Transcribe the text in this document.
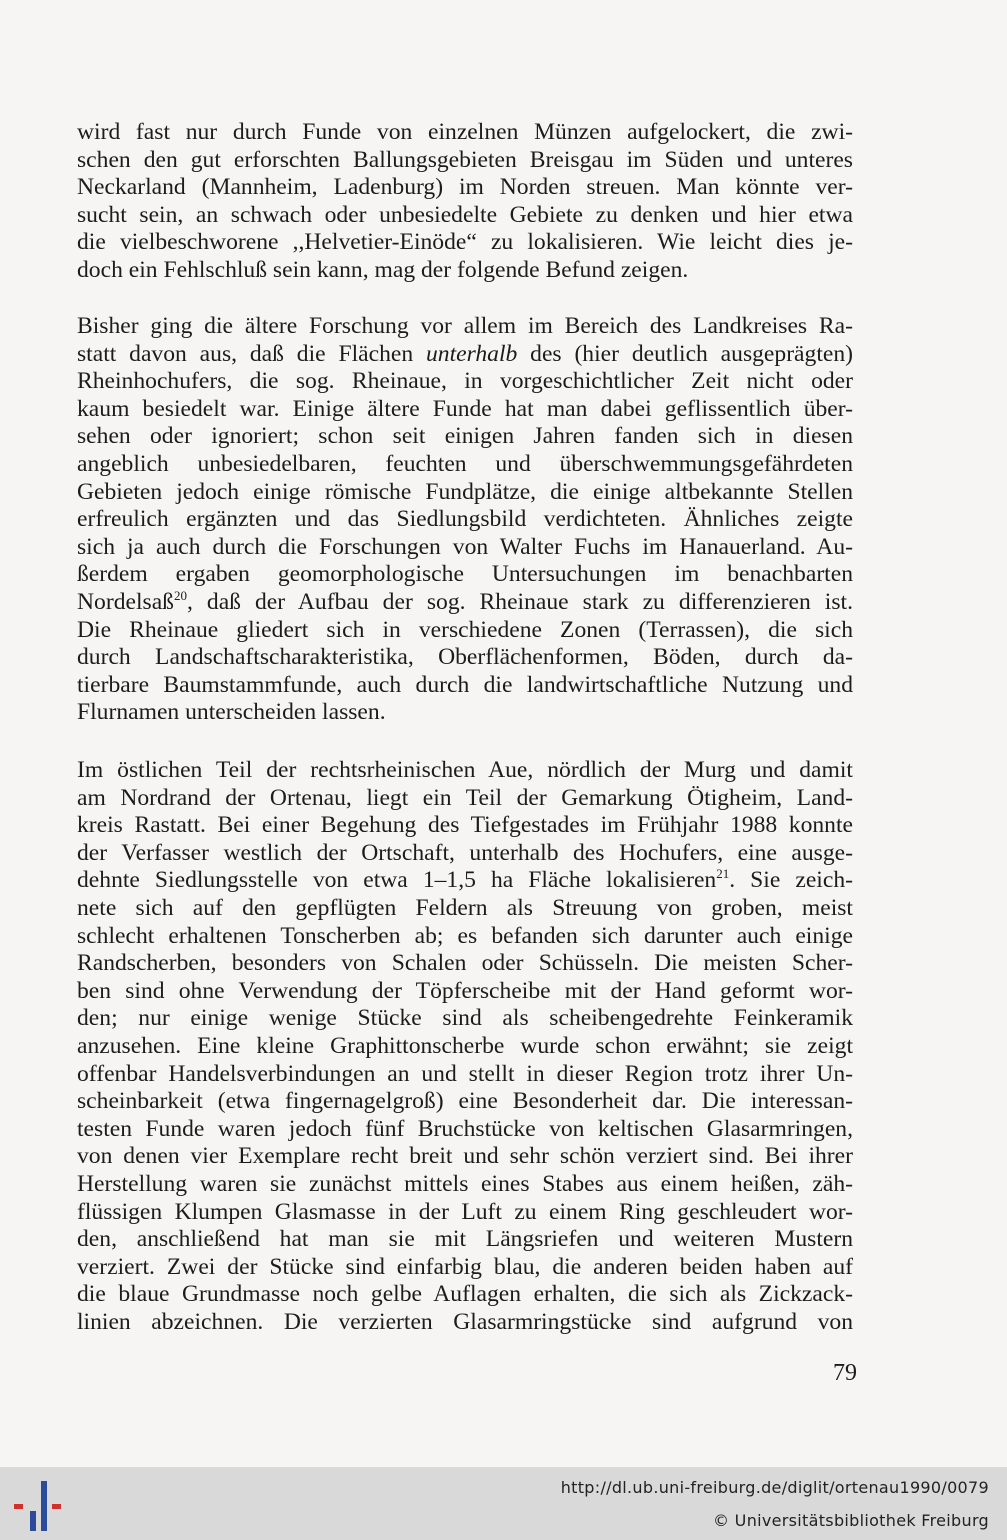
wird fast nur durch Funde von einzelnen Münzen aufgelockert, die zwi-
schen den gut erforschten Ballungsgebieten Breisgau im Süden und unteres
Neckarland (Mannheim, Ladenburg) im Norden streuen. Man könnte ver-
sucht sein, an schwach oder unbesiedelte Gebiete zu denken und hier etwa
die vielbeschworene ,,Helvetier-Einöde“ zu lokalisieren. Wie leicht dies je-
doch ein Fehlschluß sein kann, mag der folgende Befund zeigen.
Bisher ging die ältere Forschung vor allem im Bereich des Landkreises Ra-
statt davon aus, daß die Flächen unterhalb des (hier deutlich ausgeprägten)
Rheinhochufers, die sog. Rheinaue, in vorgeschichtlicher Zeit nicht oder
kaum besiedelt war. Einige ältere Funde hat man dabei geflissentlich über-
sehen oder ignoriert; schon seit einigen Jahren fanden sich in diesen
angeblich unbesiedelbaren, feuchten und überschwemmungsgefährdeten
Gebieten jedoch einige römische Fundplätze, die einige altbekannte Stellen
erfreulich ergänzten und das Siedlungsbild verdichteten. Ähnliches zeigte
sich ja auch durch die Forschungen von Walter Fuchs im Hanauerland. Au-
ßerdem ergaben geomorphologische Untersuchungen im benachbarten
Nordelsaß$^{20}$, daß der Aufbau der sog. Rheinaue stark zu differenzieren ist.
Die Rheinaue gliedert sich in verschiedene Zonen (Terrassen), die sich
durch Landschaftscharakteristika, Oberflächenformen, Böden, durch da-
tierbare Baumstammfunde, auch durch die landwirtschaftliche Nutzung und
Flurnamen unterscheiden lassen.
Im östlichen Teil der rechtsrheinischen Aue, nördlich der Murg und damit
am Nordrand der Ortenau, liegt ein Teil der Gemarkung Ötigheim, Land-
kreis Rastatt. Bei einer Begehung des Tiefgestades im Frühjahr 1988 konnte
der Verfasser westlich der Ortschaft, unterhalb des Hochufers, eine ausge-
dehnte Siedlungsstelle von etwa 1–1,5 ha Fläche lokalisieren$^{21}$. Sie zeich-
nete sich auf den gepflügten Feldern als Streuung von groben, meist
schlecht erhaltenen Tonscherben ab; es befanden sich darunter auch einige
Randscherben, besonders von Schalen oder Schüsseln. Die meisten Scher-
ben sind ohne Verwendung der Töpferscheibe mit der Hand geformt wor-
den; nur einige wenige Stücke sind als scheibengedrehte Feinkeramik
anzusehen. Eine kleine Graphittonscherbe wurde schon erwähnt; sie zeigt
offenbar Handelsverbindungen an und stellt in dieser Region trotz ihrer Un-
scheinbarkeit (etwa fingernagelgroß) eine Besonderheit dar. Die interessan-
testen Funde waren jedoch fünf Bruchstücke von keltischen Glasarmringen,
von denen vier Exemplare recht breit und sehr schön verziert sind. Bei ihrer
Herstellung waren sie zunächst mittels eines Stabes aus einem heißen, zäh-
flüssigen Klumpen Glasmasse in der Luft zu einem Ring geschleudert wor-
den, anschließend hat man sie mit Längsriefen und weiteren Mustern
verziert. Zwei der Stücke sind einfarbig blau, die anderen beiden haben auf
die blaue Grundmasse noch gelbe Auflagen erhalten, die sich als Zickzack-
linien abzeichnen. Die verzierten Glasarmringstücke sind aufgrund von
79
http://dl.ub.uni-freiburg.de/diglit/ortenau1990/0079
© Universitätsbibliothek Freiburg
